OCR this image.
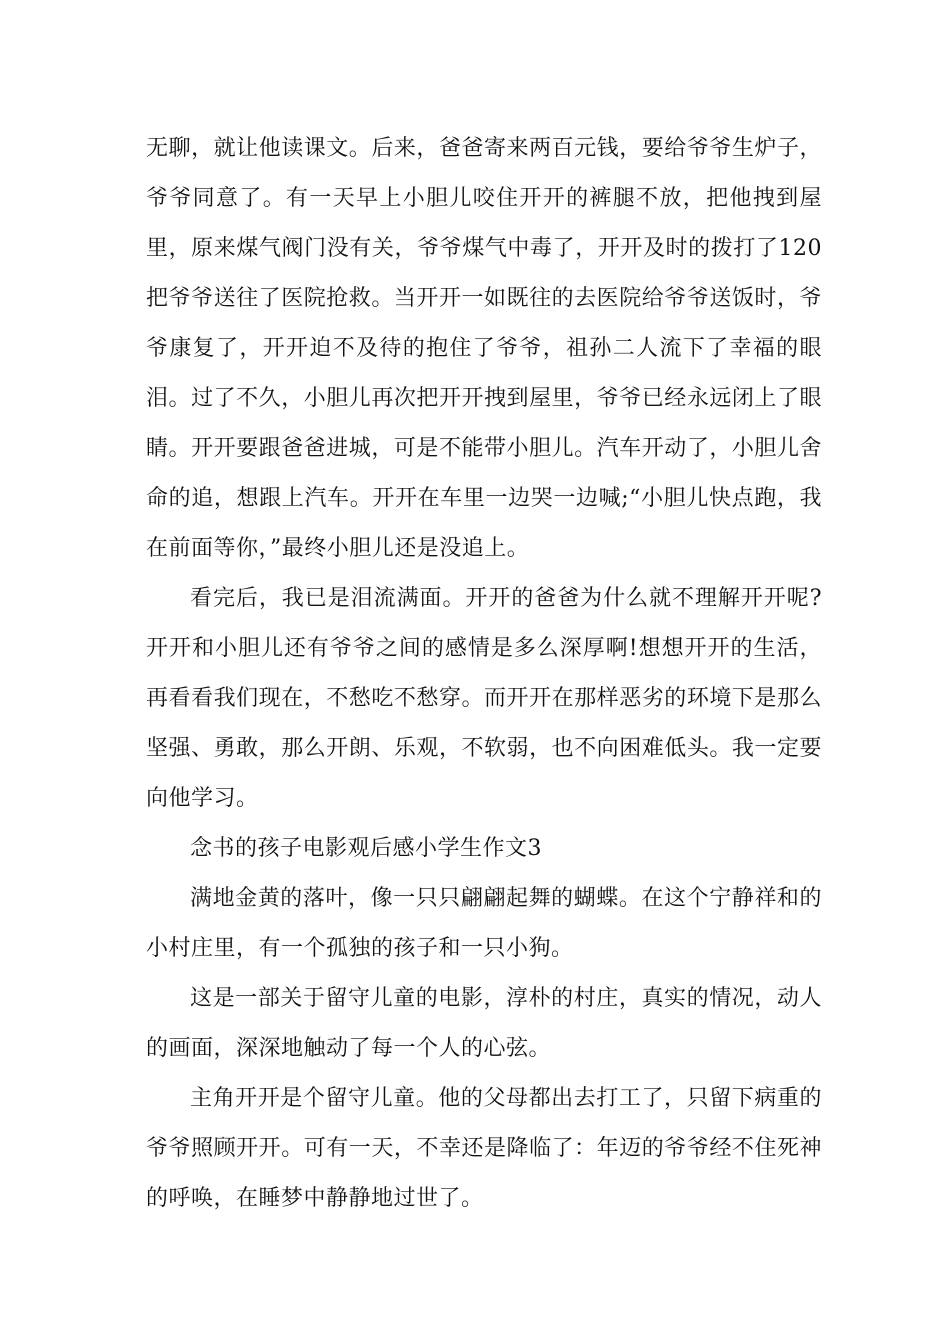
无聊，就让他读课文。后来，爸爸寄来两百元钱，要给爷爷生炉子，爷爷同意了。有一天早上小胆儿咬住开开的裤腿不放，把他拽到屋里，原来煤气阀门没有关，爷爷煤气中毒了，开开及时的拨打了120把爷爷送往了医院抢救。当开开一如既往的去医院给爷爷送饭时，爷爷康复了，开开迫不及待的抱住了爷爷，祖孙二人流下了幸福的眼泪。过了不久，小胆儿再次把开开拽到屋里，爷爷已经永远闭上了眼睛。开开要跟爸爸进城，可是不能带小胆儿。汽车开动了，小胆儿舍命的追，想跟上汽车。开开在车里一边哭一边喊;“小胆儿快点跑，我在前面等你，”最终小胆儿还是没追上。

看完后，我已是泪流满面。开开的爸爸为什么就不理解开开呢?开开和小胆儿还有爷爷之间的感情是多么深厚啊!想想开开的生活，再看看我们现在，不愁吃不愁穿。而开开在那样恶劣的环境下是那么坚强、勇敢，那么开朗、乐观，不软弱，也不向困难低头。我一定要向他学习。

念书的孩子电影观后感小学生作文3

满地金黄的落叶，像一只只翩翩起舞的蝴蝶。在这个宁静祥和的小村庄里，有一个孤独的孩子和一只小狗。

这是一部关于留守儿童的电影，淳朴的村庄，真实的情况，动人的画面，深深地触动了每一个人的心弦。

主角开开是个留守儿童。他的父母都出去打工了，只留下病重的爷爷照顾开开。可有一天，不幸还是降临了：年迈的爷爷经不住死神的呼唤，在睡梦中静静地过世了。
